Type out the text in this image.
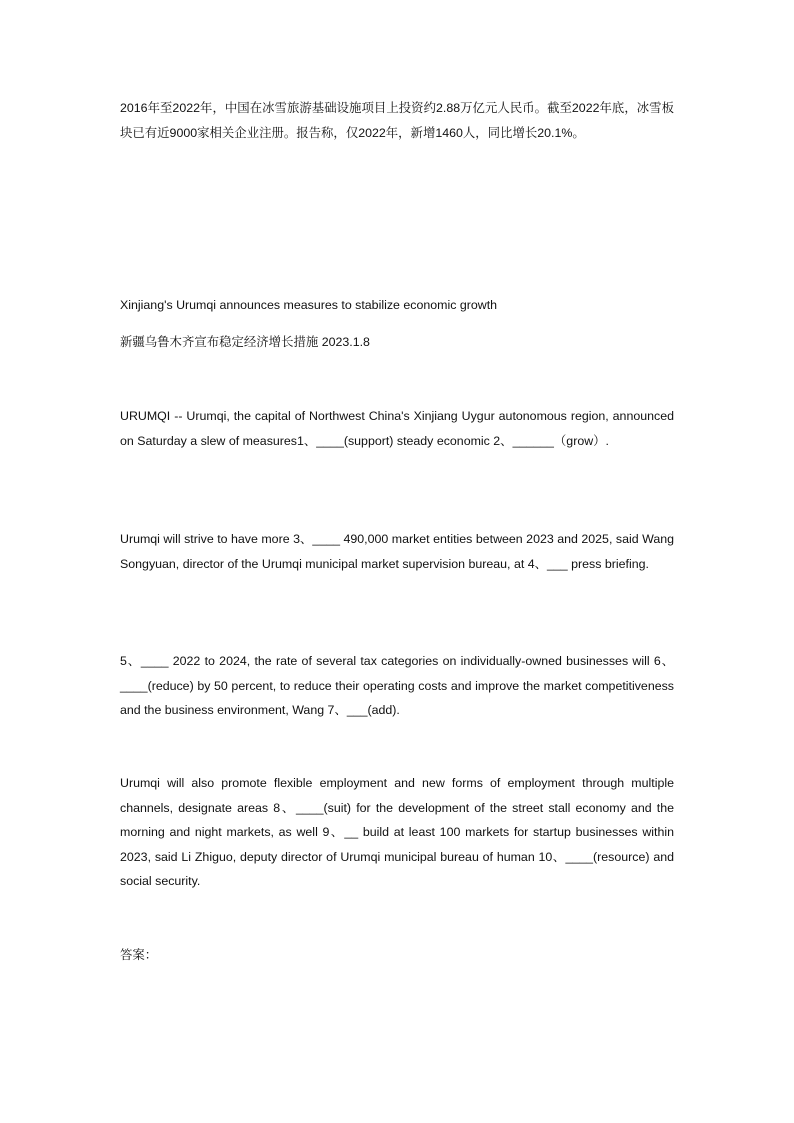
2016年至2022年，中国在冰雪旅游基础设施项目上投资约2.88万亿元人民币。截至2022年底，冰雪板块已有近9000家相关企业注册。报告称，仅2022年，新增1460人，同比增长20.1%。

Xinjiang's Urumqi announces measures to stabilize economic growth

新疆乌鲁木齐宣布稳定经济增长措施 2023.1.8

URUMQI -- Urumqi, the capital of Northwest China's Xinjiang Uygur autonomous region, announced on Saturday a slew of measures1、____(support) steady economic 2、______（grow）.

Urumqi will strive to have more 3、____ 490,000 market entities between 2023 and 2025, said Wang Songyuan, director of the Urumqi municipal market supervision bureau, at 4、___ press briefing.

5、____ 2022 to 2024, the rate of several tax categories on individually-owned businesses will 6、____(reduce) by 50 percent, to reduce their operating costs and improve the market competitiveness and the business environment, Wang 7、___(add).

Urumqi will also promote flexible employment and new forms of employment through multiple channels, designate areas 8、____(suit) for the development of the street stall economy and the morning and night markets, as well 9、__ build at least 100 markets for startup businesses within 2023, said Li Zhiguo, deputy director of Urumqi municipal bureau of human 10、____(resource) and social security.

答案：
